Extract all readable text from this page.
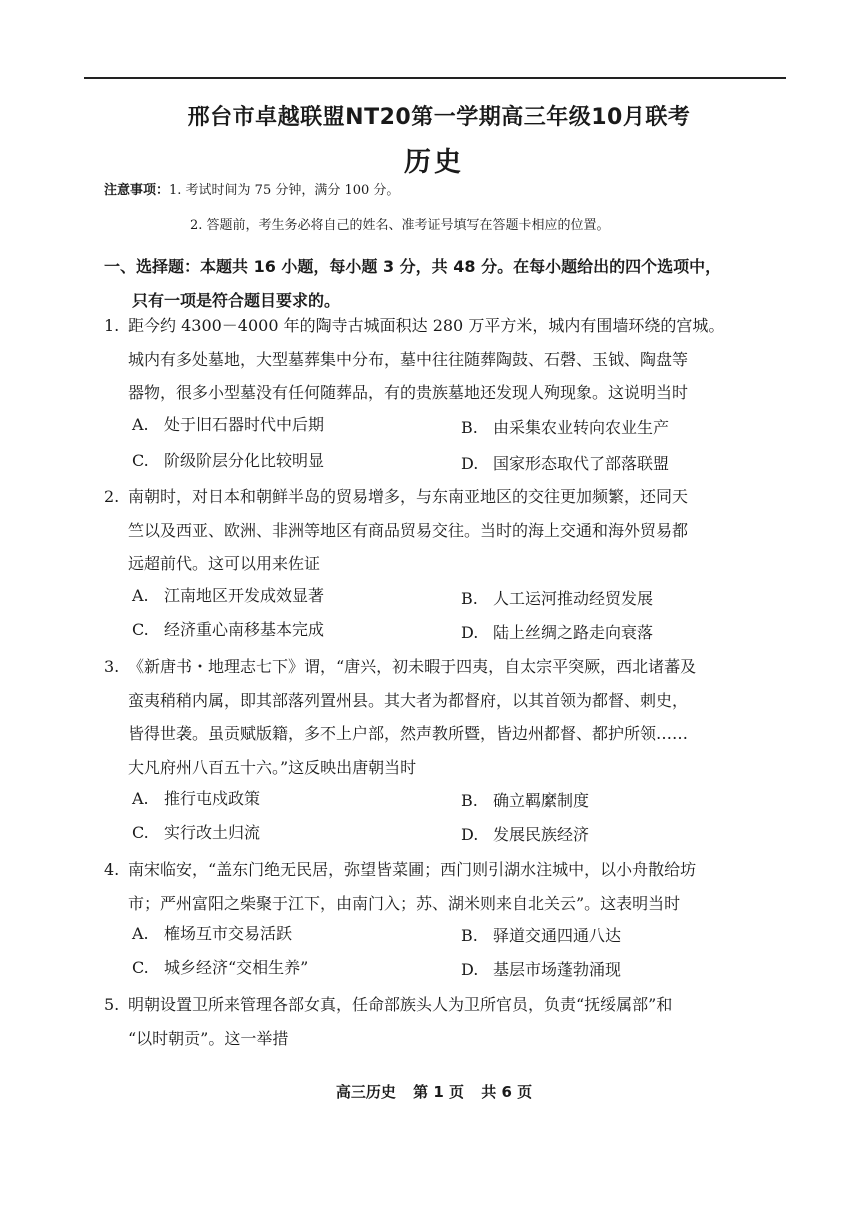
邢台市卓越联盟NT20第一学期高三年级10月联考
历史
注意事项：1. 考试时间为 75 分钟，满分 100 分。
2. 答题前，考生务必将自己的姓名、准考证号填写在答题卡相应的位置。
一、选择题：本题共 16 小题，每小题 3 分，共 48 分。在每小题给出的四个选项中，
只有一项是符合题目要求的。
1. 距今约 4300－4000 年的陶寺古城面积达 280 万平方米，城内有围墙环绕的宫城。
城内有多处墓地，大型墓葬集中分布，墓中往往随葬陶鼓、石磬、玉钺、陶盘等
器物，很多小型墓没有任何随葬品，有的贵族墓地还发现人殉现象。这说明当时
A. 处于旧石器时代中后期	B. 由采集农业转向农业生产
C. 阶级阶层分化比较明显	D. 国家形态取代了部落联盟
2. 南朝时，对日本和朝鲜半岛的贸易增多，与东南亚地区的交往更加频繁，还同天
竺以及西亚、欧洲、非洲等地区有商品贸易交往。当时的海上交通和海外贸易都
远超前代。这可以用来佐证
A. 江南地区开发成效显著	B. 人工运河推动经贸发展
C. 经济重心南移基本完成	D. 陆上丝绸之路走向衰落
3. 《新唐书・地理志七下》谓，“唐兴，初未暇于四夷，自太宗平突厥，西北诸蕃及
蛮夷稍稍内属，即其部落列置州县。其大者为都督府，以其首领为都督、刺史，
皆得世袭。虽贡赋版籍，多不上户部，然声教所暨，皆边州都督、都护所领……
大凡府州八百五十六。”这反映出唐朝当时
A. 推行屯戍政策	B. 确立羁縻制度
C. 实行改土归流	D. 发展民族经济
4. 南宋临安，“盖东门绝无民居，弥望皆菜圃；西门则引湖水注城中，以小舟散给坊
市；严州富阳之柴聚于江下，由南门入；苏、湖米则来自北关云”。这表明当时
A. 榷场互市交易活跃	B. 驿道交通四通八达
C. 城乡经济“交相生养”	D. 基层市场蓬勃涌现
5. 明朝设置卫所来管理各部女真，任命部族头人为卫所官员，负责“抚绥属部”和
“以时朝贡”。这一举措
高三历史 第 1 页 共 6 页
